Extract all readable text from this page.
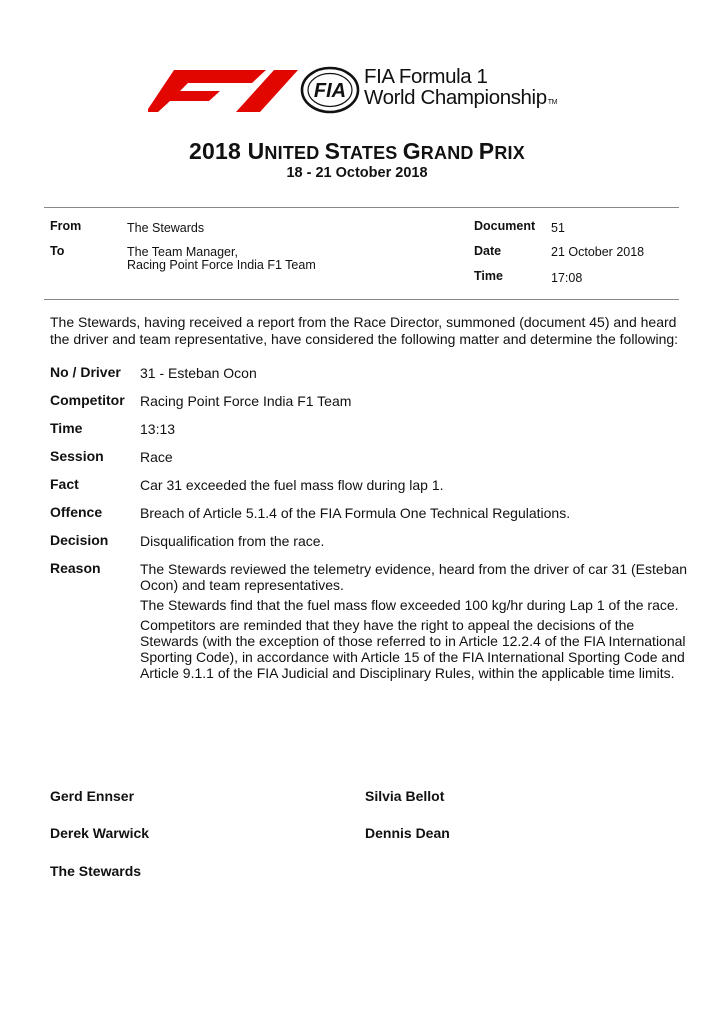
FIA
FIA Formula 1
World ChampionshipTM
2018 UNITED STATES GRAND PRIX
18 - 21 October 2018
From	The Stewards
To	The Team Manager,
Racing Point Force India F1 Team
Document 51
Date	21 October 2018
Time	17:08
The Stewards, having received a report from the Race Director, summoned (document 45) and heard the driver and team representative, have considered the following matter and determine the following:
No / Driver 31 - Esteban Ocon
Competitor Racing Point Force India F1 Team
Time	13:13
Session	Race
Fact	Car 31 exceeded the fuel mass flow during lap 1.
Offence	Breach of Article 5.1.4 of the FIA Formula One Technical Regulations.
Decision Disqualification from the race.
Reason	The Stewards reviewed the telemetry evidence, heard from the driver of car 31 (Esteban Ocon) and team representatives.

The Stewards find that the fuel mass flow exceeded 100 kg/hr during Lap 1 of the race.

Competitors are reminded that they have the right to appeal the decisions of the Stewards (with the exception of those referred to in Article 12.2.4 of the FIA International Sporting Code), in accordance with Article 15 of the FIA International Sporting Code and Article 9.1.1 of the FIA Judicial and Disciplinary Rules, within the applicable time limits.

Gerd Ennser	Silvia Bellot
Derek Warwick	Dennis Dean
The Stewards
